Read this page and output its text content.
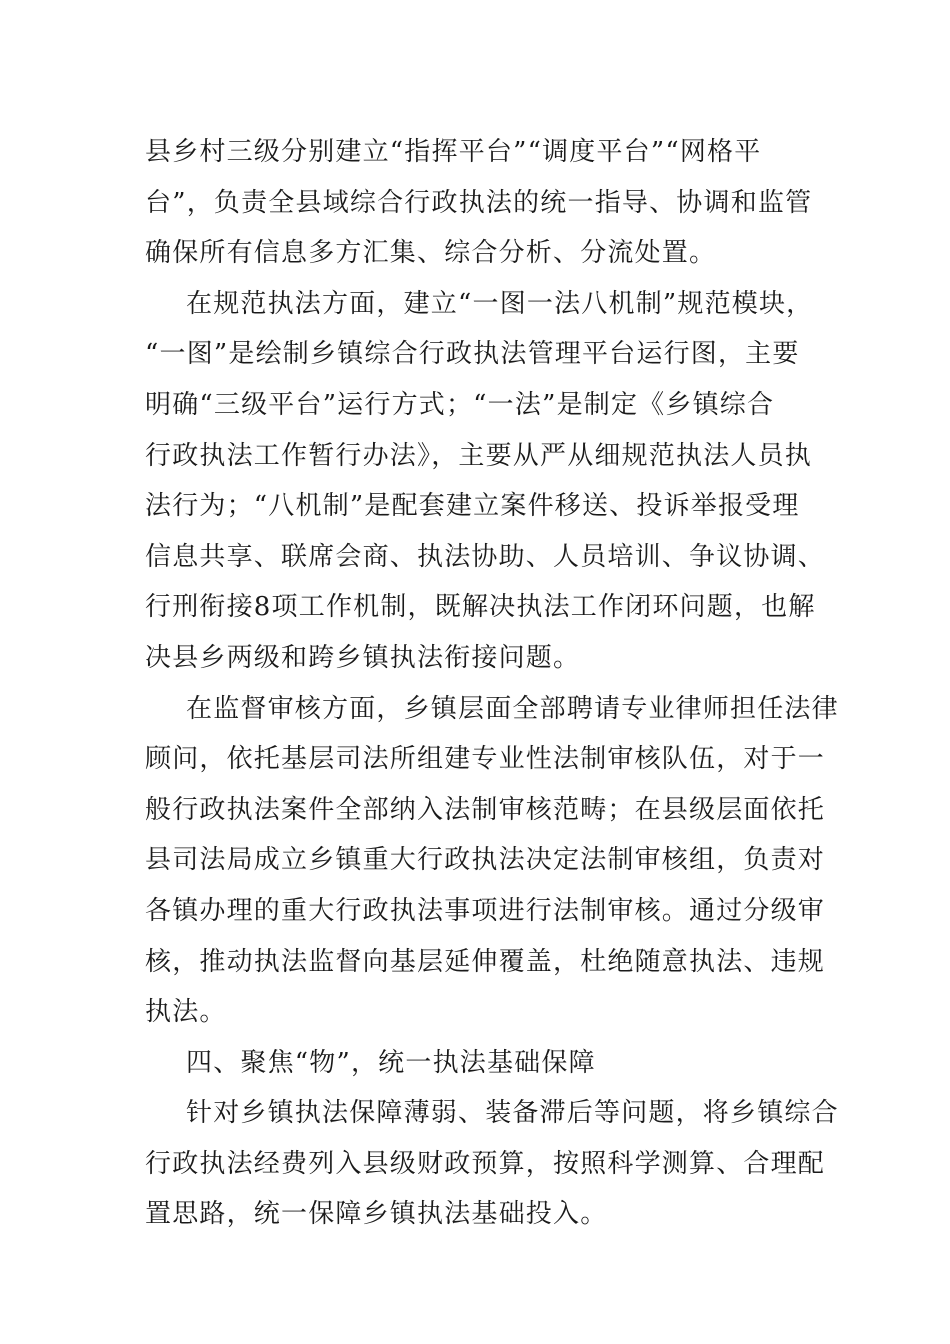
县乡村三级分别建立“指挥平台”“调度平台”“网格平
台”，负责全县域综合行政执法的统一指导、协调和监管
确保所有信息多方汇集、综合分析、分流处置。
在规范执法方面，建立“一图一法八机制”规范模块，
“一图”是绘制乡镇综合行政执法管理平台运行图，主要
明确“三级平台”运行方式；“一法”是制定《乡镇综合
行政执法工作暂行办法》，主要从严从细规范执法人员执
法行为；“八机制”是配套建立案件移送、投诉举报受理
信息共享、联席会商、执法协助、人员培训、争议协调、
行刑衔接8项工作机制，既解决执法工作闭环问题，也解
决县乡两级和跨乡镇执法衔接问题。
在监督审核方面，乡镇层面全部聘请专业律师担任法律
顾问，依托基层司法所组建专业性法制审核队伍，对于一
般行政执法案件全部纳入法制审核范畴；在县级层面依托
县司法局成立乡镇重大行政执法决定法制审核组，负责对
各镇办理的重大行政执法事项进行法制审核。通过分级审
核，推动执法监督向基层延伸覆盖，杜绝随意执法、违规
执法。
四、聚焦“物”，统一执法基础保障
针对乡镇执法保障薄弱、装备滞后等问题，将乡镇综合
行政执法经费列入县级财政预算，按照科学测算、合理配
置思路，统一保障乡镇执法基础投入。
